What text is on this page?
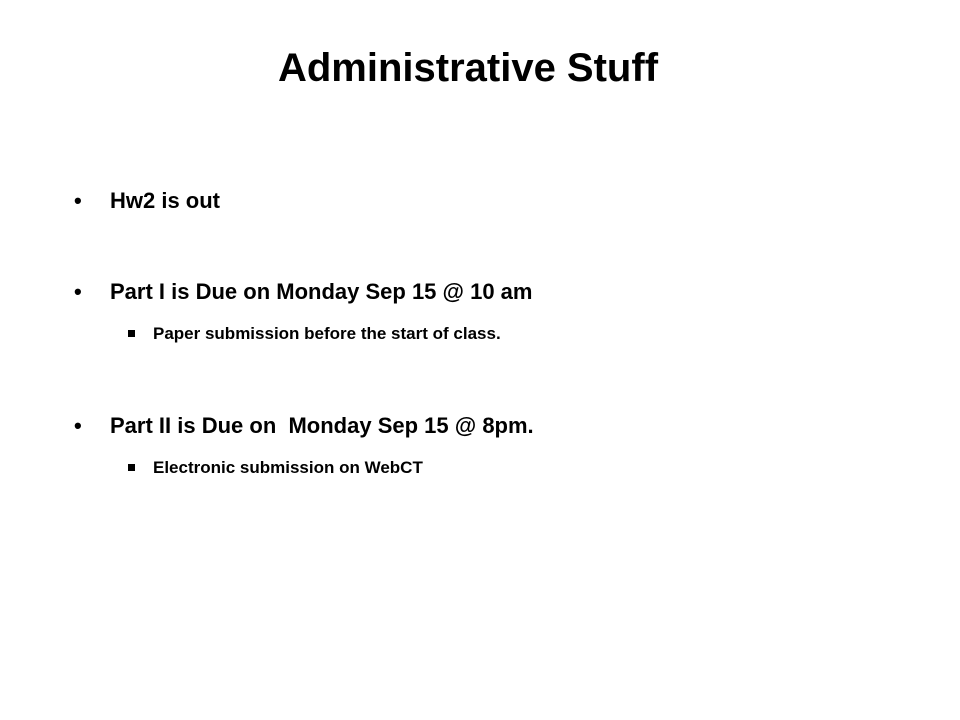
Administrative Stuff
• Hw2 is out
• Part I is Due on Monday Sep 15 @ 10 am
Paper submission before the start of class.
• Part II is Due on  Monday Sep 15 @ 8pm.
Electronic submission on WebCT
